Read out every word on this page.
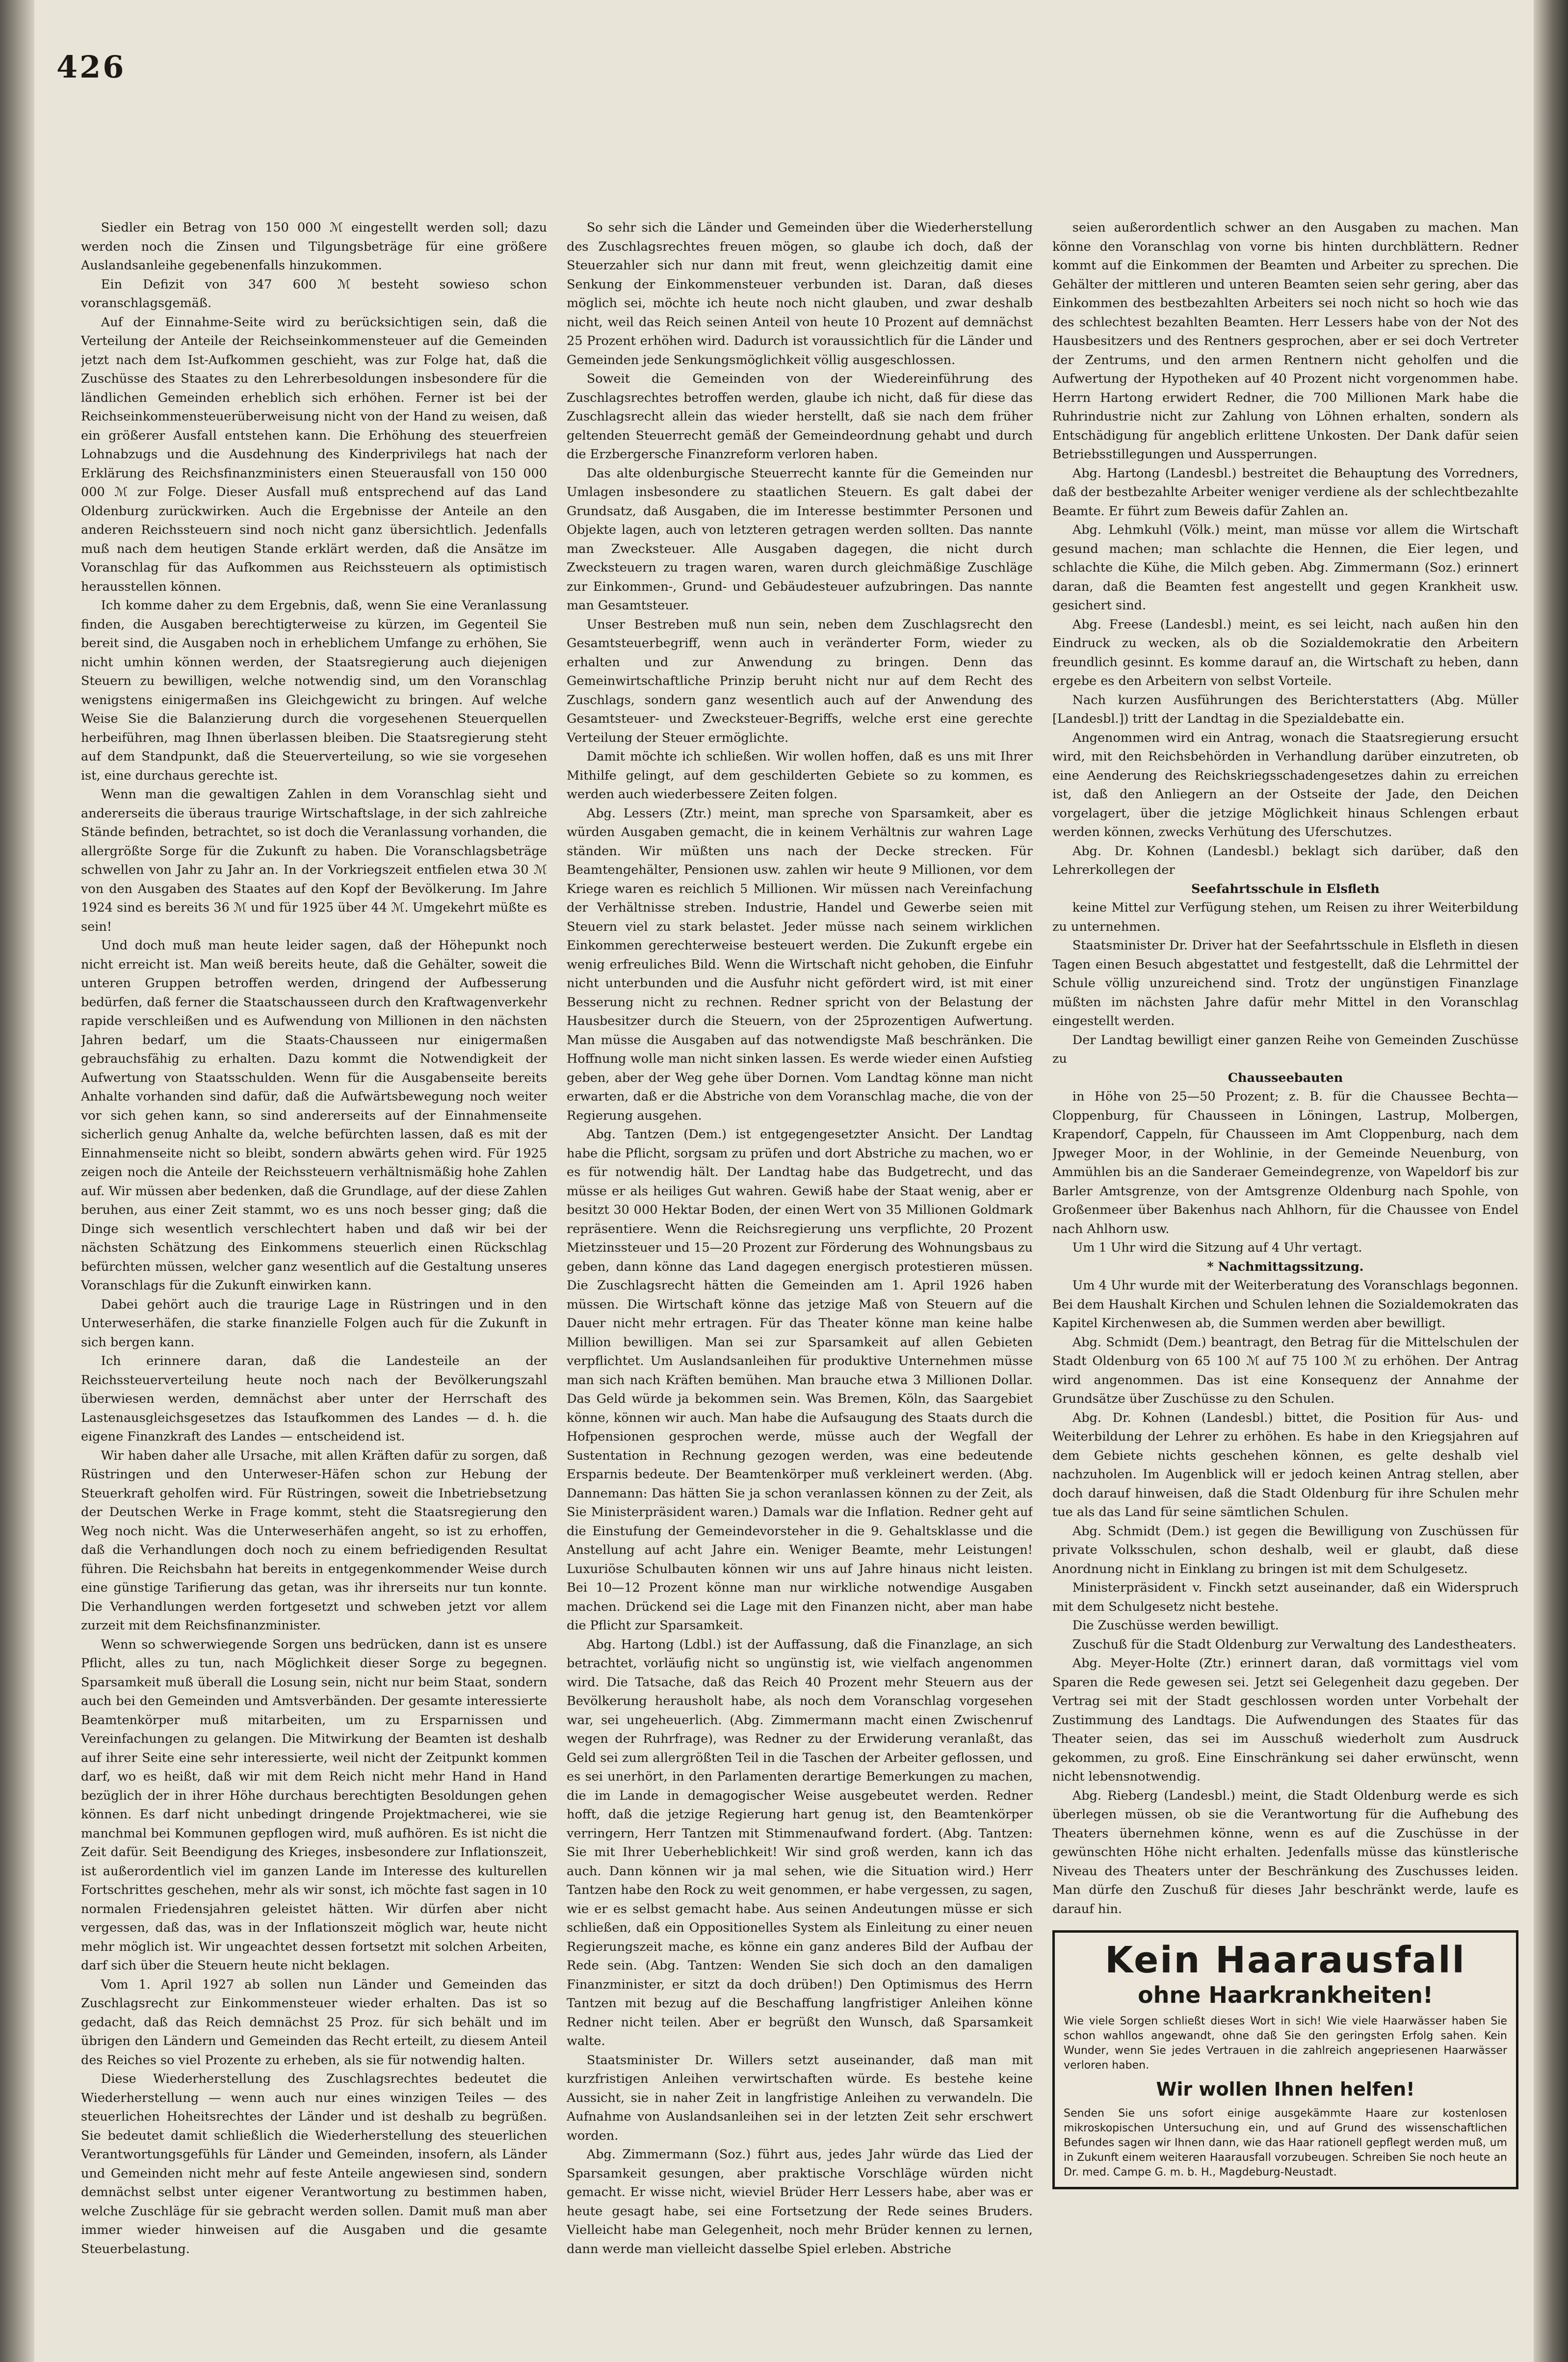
426

Siedler ein Betrag von 150 000 ℳ eingestellt werden soll; dazu werden noch die Zinsen und Tilgungsbeträge für eine größere Auslandsanleihe gegebenenfalls hinzukommen.

Ein Defizit von 347 600 ℳ besteht sowieso schon voranschlagsgemäß.

Auf der Einnahme-Seite wird zu berücksichtigen sein, daß die Verteilung der Anteile der Reichseinkommensteuer auf die Gemeinden jetzt nach dem Ist-Aufkommen geschieht, was zur Folge hat, daß die Zuschüsse des Staates zu den Lehrerbesoldungen insbesondere für die ländlichen Gemeinden erheblich sich erhöhen. Ferner ist bei der Reichseinkommensteuerüberweisung nicht von der Hand zu weisen, daß ein größerer Ausfall entstehen kann. Die Erhöhung des steuerfreien Lohnabzugs und die Ausdehnung des Kinderprivilegs hat nach der Erklärung des Reichsfinanzministers einen Steuerausfall von 150 000 000 ℳ zur Folge. Dieser Ausfall muß entsprechend auf das Land Oldenburg zurückwirken. Auch die Ergebnisse der Anteile an den anderen Reichssteuern sind noch nicht ganz übersichtlich. Jedenfalls muß nach dem heutigen Stande erklärt werden, daß die Ansätze im Voranschlag für das Aufkommen aus Reichssteuern als optimistisch herausstellen können.

Ich komme daher zu dem Ergebnis, daß, wenn Sie eine Veranlassung finden, die Ausgaben berechtigterweise zu kürzen, im Gegenteil Sie bereit sind, die Ausgaben noch in erheblichem Umfange zu erhöhen, Sie nicht umhin können werden, der Staatsregierung auch diejenigen Steuern zu bewilligen, welche notwendig sind, um den Voranschlag wenigstens einigermaßen ins Gleichgewicht zu bringen. Auf welche Weise Sie die Balanzierung durch die vorgesehenen Steuerquellen herbeiführen, mag Ihnen überlassen bleiben. Die Staatsregierung steht auf dem Standpunkt, daß die Steuerverteilung, so wie sie vorgesehen ist, eine durchaus gerechte ist.

Wenn man die gewaltigen Zahlen in dem Voranschlag sieht und andererseits die überaus traurige Wirtschaftslage, in der sich zahlreiche Stände befinden, betrachtet, so ist doch die Veranlassung vorhanden, die allergrößte Sorge für die Zukunft zu haben. Die Voranschlagsbeträge schwellen von Jahr zu Jahr an. In der Vorkriegszeit entfielen etwa 30 ℳ von den Ausgaben des Staates auf den Kopf der Bevölkerung. Im Jahre 1924 sind es bereits 36 ℳ und für 1925 über 44 ℳ. Umgekehrt müßte es sein!

Und doch muß man heute leider sagen, daß der Höhepunkt noch nicht erreicht ist. Man weiß bereits heute, daß die Gehälter, soweit die unteren Gruppen betroffen werden, dringend der Aufbesserung bedürfen, daß ferner die Staatschausseen durch den Kraftwagenverkehr rapide verschleißen und es Aufwendung von Millionen in den nächsten Jahren bedarf, um die Staats-Chausseen nur einigermaßen gebrauchsfähig zu erhalten. Dazu kommt die Notwendigkeit der Aufwertung von Staatsschulden. Wenn für die Ausgabenseite bereits Anhalte vorhanden sind dafür, daß die Aufwärtsbewegung noch weiter vor sich gehen kann, so sind andererseits auf der Einnahmenseite sicherlich genug Anhalte da, welche befürchten lassen, daß es mit der Einnahmenseite nicht so bleibt, sondern abwärts gehen wird. Für 1925 zeigen noch die Anteile der Reichssteuern verhältnismäßig hohe Zahlen auf. Wir müssen aber bedenken, daß die Grundlage, auf der diese Zahlen beruhen, aus einer Zeit stammt, wo es uns noch besser ging; daß die Dinge sich wesentlich verschlechtert haben und daß wir bei der nächsten Schätzung des Einkommens steuerlich einen Rückschlag befürchten müssen, welcher ganz wesentlich auf die Gestaltung unseres Voranschlags für die Zukunft einwirken kann.

Dabei gehört auch die traurige Lage in Rüstringen und in den Unterweserhäfen, die starke finanzielle Folgen auch für die Zukunft in sich bergen kann.

Ich erinnere daran, daß die Landesteile an der Reichssteuerverteilung heute noch nach der Bevölkerungszahl überwiesen werden, demnächst aber unter der Herrschaft des Lastenausgleichsgesetzes das Istaufkommen des Landes — d. h. die eigene Finanzkraft des Landes — entscheidend ist.

Wir haben daher alle Ursache, mit allen Kräften dafür zu sorgen, daß Rüstringen und den Unterweser-Häfen schon zur Hebung der Steuerkraft geholfen wird. Für Rüstringen, soweit die Inbetriebsetzung der Deutschen Werke in Frage kommt, steht die Staatsregierung den Weg noch nicht. Was die Unterweserhäfen angeht, so ist zu erhoffen, daß die Verhandlungen doch noch zu einem befriedigenden Resultat führen. Die Reichsbahn hat bereits in entgegenkommender Weise durch eine günstige Tarifierung das getan, was ihr ihrerseits nur tun konnte. Die Verhandlungen werden fortgesetzt und schweben jetzt vor allem zurzeit mit dem Reichsfinanzminister.

Wenn so schwerwiegende Sorgen uns bedrücken, dann ist es unsere Pflicht, alles zu tun, nach Möglichkeit dieser Sorge zu begegnen. Sparsamkeit muß überall die Losung sein, nicht nur beim Staat, sondern auch bei den Gemeinden und Amtsverbänden. Der gesamte interessierte Beamtenkörper muß mitarbeiten, um zu Ersparnissen und Vereinfachungen zu gelangen. Die Mitwirkung der Beamten ist deshalb auf ihrer Seite eine sehr interessierte, weil nicht der Zeitpunkt kommen darf, wo es heißt, daß wir mit dem Reich nicht mehr Hand in Hand bezüglich der in ihrer Höhe durchaus berechtigten Besoldungen gehen können. Es darf nicht unbedingt dringende Projektmacherei, wie sie manchmal bei Kommunen gepflogen wird, muß aufhören. Es ist nicht die Zeit dafür. Seit Beendigung des Krieges, insbesondere zur Inflationszeit, ist außerordentlich viel im ganzen Lande im Interesse des kulturellen Fortschrittes geschehen, mehr als wir sonst, ich möchte fast sagen in 10 normalen Friedensjahren geleistet hätten. Wir dürfen aber nicht vergessen, daß das, was in der Inflationszeit möglich war, heute nicht mehr möglich ist. Wir ungeachtet dessen fortsetzt mit solchen Arbeiten, darf sich über die Steuern heute nicht beklagen.

Vom 1. April 1927 ab sollen nun Länder und Gemeinden das Zuschlagsrecht zur Einkommensteuer wieder erhalten. Das ist so gedacht, daß das Reich demnächst 25 Proz. für sich behält und im übrigen den Ländern und Gemeinden das Recht erteilt, zu diesem Anteil des Reiches so viel Prozente zu erheben, als sie für notwendig halten.

Diese Wiederherstellung des Zuschlagsrechtes bedeutet die Wiederherstellung — wenn auch nur eines winzigen Teiles — des steuerlichen Hoheitsrechtes der Länder und ist deshalb zu begrüßen. Sie bedeutet damit schließlich die Wiederherstellung des steuerlichen Verantwortungsgefühls für Länder und Gemeinden, insofern, als Länder und Gemeinden nicht mehr auf feste Anteile angewiesen sind, sondern demnächst selbst unter eigener Verantwortung zu bestimmen haben, welche Zuschläge für sie gebracht werden sollen. Damit muß man aber immer wieder hinweisen auf die Ausgaben und die gesamte Steuerbelastung.

So sehr sich die Länder und Gemeinden über die Wiederherstellung des Zuschlagsrechtes freuen mögen, so glaube ich doch, daß der Steuerzahler sich nur dann mit freut, wenn gleichzeitig damit eine Senkung der Einkommensteuer verbunden ist. Daran, daß dieses möglich sei, möchte ich heute noch nicht glauben, und zwar deshalb nicht, weil das Reich seinen Anteil von heute 10 Prozent auf demnächst 25 Prozent erhöhen wird. Dadurch ist voraussichtlich für die Länder und Gemeinden jede Senkungsmöglichkeit völlig ausgeschlossen.

Soweit die Gemeinden von der Wiedereinführung des Zuschlagsrechtes betroffen werden, glaube ich nicht, daß für diese das Zuschlagsrecht allein das wieder herstellt, daß sie nach dem früher geltenden Steuerrecht gemäß der Gemeindeordnung gehabt und durch die Erzbergersche Finanzreform verloren haben.

Das alte oldenburgische Steuerrecht kannte für die Gemeinden nur Umlagen insbesondere zu staatlichen Steuern. Es galt dabei der Grundsatz, daß Ausgaben, die im Interesse bestimmter Personen und Objekte lagen, auch von letzteren getragen werden sollten. Das nannte man Zwecksteuer. Alle Ausgaben dagegen, die nicht durch Zwecksteuern zu tragen waren, waren durch gleichmäßige Zuschläge zur Einkommen-, Grund- und Gebäudesteuer aufzubringen. Das nannte man Gesamtsteuer.

Unser Bestreben muß nun sein, neben dem Zuschlagsrecht den Gesamtsteuerbegriff, wenn auch in veränderter Form, wieder zu erhalten und zur Anwendung zu bringen. Denn das Gemeinwirtschaftliche Prinzip beruht nicht nur auf dem Recht des Zuschlags, sondern ganz wesentlich auch auf der Anwendung des Gesamtsteuer- und Zwecksteuer-Begriffs, welche erst eine gerechte Verteilung der Steuer ermöglichte.

Damit möchte ich schließen. Wir wollen hoffen, daß es uns mit Ihrer Mithilfe gelingt, auf dem geschilderten Gebiete so zu kommen, es werden auch wiederbessere Zeiten folgen.

Abg. Lessers (Ztr.) meint, man spreche von Sparsamkeit, aber es würden Ausgaben gemacht, die in keinem Verhältnis zur wahren Lage ständen. Wir müßten uns nach der Decke strecken. Für Beamtengehälter, Pensionen usw. zahlen wir heute 9 Millionen, vor dem Kriege waren es reichlich 5 Millionen. Wir müssen nach Vereinfachung der Verhältnisse streben. Industrie, Handel und Gewerbe seien mit Steuern viel zu stark belastet. Jeder müsse nach seinem wirklichen Einkommen gerechterweise besteuert werden. Die Zukunft ergebe ein wenig erfreuliches Bild. Wenn die Wirtschaft nicht gehoben, die Einfuhr nicht unterbunden und die Ausfuhr nicht gefördert wird, ist mit einer Besserung nicht zu rechnen. Redner spricht von der Belastung der Hausbesitzer durch die Steuern, von der 25prozentigen Aufwertung. Man müsse die Ausgaben auf das notwendigste Maß beschränken. Die Hoffnung wolle man nicht sinken lassen. Es werde wieder einen Aufstieg geben, aber der Weg gehe über Dornen. Vom Landtag könne man nicht erwarten, daß er die Abstriche von dem Voranschlag mache, die von der Regierung ausgehen.

Abg. Tantzen (Dem.) ist entgegengesetzter Ansicht. Der Landtag habe die Pflicht, sorgsam zu prüfen und dort Abstriche zu machen, wo er es für notwendig hält. Der Landtag habe das Budgetrecht, und das müsse er als heiliges Gut wahren. Gewiß habe der Staat wenig, aber er besitzt 30 000 Hektar Boden, der einen Wert von 35 Millionen Goldmark repräsentiere. Wenn die Reichsregierung uns verpflichte, 20 Prozent Mietzinssteuer und 15—20 Prozent zur Förderung des Wohnungsbaus zu geben, dann könne das Land dagegen energisch protestieren müssen. Die Zuschlagsrecht hätten die Gemeinden am 1. April 1926 haben müssen. Die Wirtschaft könne das jetzige Maß von Steuern auf die Dauer nicht mehr ertragen. Für das Theater könne man keine halbe Million bewilligen. Man sei zur Sparsamkeit auf allen Gebieten verpflichtet. Um Auslandsanleihen für produktive Unternehmen müsse man sich nach Kräften bemühen. Man brauche etwa 3 Millionen Dollar. Das Geld würde ja bekommen sein. Was Bremen, Köln, das Saargebiet könne, können wir auch. Man habe die Aufsaugung des Staats durch die Hofpensionen gesprochen werde, müsse auch der Wegfall der Sustentation in Rechnung gezogen werden, was eine bedeutende Ersparnis bedeute. Der Beamtenkörper muß verkleinert werden. (Abg. Dannemann: Das hätten Sie ja schon veranlassen können zu der Zeit, als Sie Ministerpräsident waren.) Damals war die Inflation. Redner geht auf die Einstufung der Gemeindevorsteher in die 9. Gehaltsklasse und die Anstellung auf acht Jahre ein. Weniger Beamte, mehr Leistungen! Luxuriöse Schulbauten können wir uns auf Jahre hinaus nicht leisten. Bei 10—12 Prozent könne man nur wirkliche notwendige Ausgaben machen. Drückend sei die Lage mit den Finanzen nicht, aber man habe die Pflicht zur Sparsamkeit.

Abg. Hartong (Ldbl.) ist der Auffassung, daß die Finanzlage, an sich betrachtet, vorläufig nicht so ungünstig ist, wie vielfach angenommen wird. Die Tatsache, daß das Reich 40 Prozent mehr Steuern aus der Bevölkerung herausholt habe, als noch dem Voranschlag vorgesehen war, sei ungeheuerlich. (Abg. Zimmermann macht einen Zwischenruf wegen der Ruhrfrage), was Redner zu der Erwiderung veranlaßt, das Geld sei zum allergrößten Teil in die Taschen der Arbeiter geflossen, und es sei unerhört, in den Parlamenten derartige Bemerkungen zu machen, die im Lande in demagogischer Weise ausgebeutet werden. Redner hofft, daß die jetzige Regierung hart genug ist, den Beamtenkörper verringern, Herr Tantzen mit Stimmenaufwand fordert. (Abg. Tantzen: Sie mit Ihrer Ueberheblichkeit! Wir sind groß werden, kann ich das auch. Dann können wir ja mal sehen, wie die Situation wird.) Herr Tantzen habe den Rock zu weit genommen, er habe vergessen, zu sagen, wie er es selbst gemacht habe. Aus seinen Andeutungen müsse er sich schließen, daß ein Oppositionelles System als Einleitung zu einer neuen Regierungszeit mache, es könne ein ganz anderes Bild der Aufbau der Rede sein. (Abg. Tantzen: Wenden Sie sich doch an den damaligen Finanzminister, er sitzt da doch drüben!) Den Optimismus des Herrn Tantzen mit bezug auf die Beschaffung langfristiger Anleihen könne Redner nicht teilen. Aber er begrüßt den Wunsch, daß Sparsamkeit walte.

Staatsminister Dr. Willers setzt auseinander, daß man mit kurzfristigen Anleihen verwirtschaften würde. Es bestehe keine Aussicht, sie in naher Zeit in langfristige Anleihen zu verwandeln. Die Aufnahme von Auslandsanleihen sei in der letzten Zeit sehr erschwert worden.

Abg. Zimmermann (Soz.) führt aus, jedes Jahr würde das Lied der Sparsamkeit gesungen, aber praktische Vorschläge würden nicht gemacht. Er wisse nicht, wieviel Brüder Herr Lessers habe, aber was er heute gesagt habe, sei eine Fortsetzung der Rede seines Bruders. Vielleicht habe man Gelegenheit, noch mehr Brüder kennen zu lernen, dann werde man vielleicht dasselbe Spiel erleben. Abstriche

seien außerordentlich schwer an den Ausgaben zu machen. Man könne den Voranschlag von vorne bis hinten durchblättern. Redner kommt auf die Einkommen der Beamten und Arbeiter zu sprechen. Die Gehälter der mittleren und unteren Beamten seien sehr gering, aber das Einkommen des bestbezahlten Arbeiters sei noch nicht so hoch wie das des schlechtest bezahlten Beamten. Herr Lessers habe von der Not des Hausbesitzers und des Rentners gesprochen, aber er sei doch Vertreter der Zentrums, und den armen Rentnern nicht geholfen und die Aufwertung der Hypotheken auf 40 Prozent nicht vorgenommen habe. Herrn Hartong erwidert Redner, die 700 Millionen Mark habe die Ruhrindustrie nicht zur Zahlung von Löhnen erhalten, sondern als Entschädigung für angeblich erlittene Unkosten. Der Dank dafür seien Betriebsstillegungen und Aussperrungen.

Abg. Hartong (Landesbl.) bestreitet die Behauptung des Vorredners, daß der bestbezahlte Arbeiter weniger verdiene als der schlechtbezahlte Beamte. Er führt zum Beweis dafür Zahlen an.

Abg. Lehmkuhl (Völk.) meint, man müsse vor allem die Wirtschaft gesund machen; man schlachte die Hennen, die Eier legen, und schlachte die Kühe, die Milch geben. Abg. Zimmermann (Soz.) erinnert daran, daß die Beamten fest angestellt und gegen Krankheit usw. gesichert sind.

Abg. Freese (Landesbl.) meint, es sei leicht, nach außen hin den Eindruck zu wecken, als ob die Sozialdemokratie den Arbeitern freundlich gesinnt. Es komme darauf an, die Wirtschaft zu heben, dann ergebe es den Arbeitern von selbst Vorteile.

Nach kurzen Ausführungen des Berichterstatters (Abg. Müller [Landesbl.]) tritt der Landtag in die Spezialdebatte ein.

Angenommen wird ein Antrag, wonach die Staatsregierung ersucht wird, mit den Reichsbehörden in Verhandlung darüber einzutreten, ob eine Aenderung des Reichskriegsschadengesetzes dahin zu erreichen ist, daß den Anliegern an der Ostseite der Jade, den Deichen vorgelagert, über die jetzige Möglichkeit hinaus Schlengen erbaut werden können, zwecks Verhütung des Uferschutzes.

Abg. Dr. Kohnen (Landesbl.) beklagt sich darüber, daß den Lehrerkollegen der

Seefahrtsschule in Elsfleth

keine Mittel zur Verfügung stehen, um Reisen zu ihrer Weiterbildung zu unternehmen.

Staatsminister Dr. Driver hat der Seefahrtsschule in Elsfleth in diesen Tagen einen Besuch abgestattet und festgestellt, daß die Lehrmittel der Schule völlig unzureichend sind. Trotz der ungünstigen Finanzlage müßten im nächsten Jahre dafür mehr Mittel in den Voranschlag eingestellt werden.

Der Landtag bewilligt einer ganzen Reihe von Gemeinden Zuschüsse zu

Chausseebauten

in Höhe von 25—50 Prozent; z. B. für die Chaussee Bechta—Cloppenburg, für Chausseen in Löningen, Lastrup, Molbergen, Krapendorf, Cappeln, für Chausseen im Amt Cloppenburg, nach dem Jpweger Moor, in der Wohlinie, in der Gemeinde Neuenburg, von Ammühlen bis an die Sanderaer Gemeindegrenze, von Wapeldorf bis zur Barler Amtsgrenze, von der Amtsgrenze Oldenburg nach Spohle, von Großenmeer über Bakenhus nach Ahlhorn, für die Chaussee von Endel nach Ahlhorn usw.

Um 1 Uhr wird die Sitzung auf 4 Uhr vertagt.

* Nachmittagssitzung.

Um 4 Uhr wurde mit der Weiterberatung des Voranschlags begonnen. Bei dem Haushalt Kirchen und Schulen lehnen die Sozialdemokraten das Kapitel Kirchenwesen ab, die Summen werden aber bewilligt.

Abg. Schmidt (Dem.) beantragt, den Betrag für die Mittelschulen der Stadt Oldenburg von 65 100 ℳ auf 75 100 ℳ zu erhöhen. Der Antrag wird angenommen. Das ist eine Konsequenz der Annahme der Grundsätze über Zuschüsse zu den Schulen.

Abg. Dr. Kohnen (Landesbl.) bittet, die Position für Aus- und Weiterbildung der Lehrer zu erhöhen. Es habe in den Kriegsjahren auf dem Gebiete nichts geschehen können, es gelte deshalb viel nachzuholen. Im Augenblick will er jedoch keinen Antrag stellen, aber doch darauf hinweisen, daß die Stadt Oldenburg für ihre Schulen mehr tue als das Land für seine sämtlichen Schulen.

Abg. Schmidt (Dem.) ist gegen die Bewilligung von Zuschüssen für private Volksschulen, schon deshalb, weil er glaubt, daß diese Anordnung nicht in Einklang zu bringen ist mit dem Schulgesetz.

Ministerpräsident v. Finckh setzt auseinander, daß ein Widerspruch mit dem Schulgesetz nicht bestehe.

Die Zuschüsse werden bewilligt.

Zuschuß für die Stadt Oldenburg zur Verwaltung des Landestheaters.

Abg. Meyer-Holte (Ztr.) erinnert daran, daß vormittags viel vom Sparen die Rede gewesen sei. Jetzt sei Gelegenheit dazu gegeben. Der Vertrag sei mit der Stadt geschlossen worden unter Vorbehalt der Zustimmung des Landtags. Die Aufwendungen des Staates für das Theater seien, das sei im Ausschuß wiederholt zum Ausdruck gekommen, zu groß. Eine Einschränkung sei daher erwünscht, wenn nicht lebensnotwendig.

Abg. Rieberg (Landesbl.) meint, die Stadt Oldenburg werde es sich überlegen müssen, ob sie die Verantwortung für die Aufhebung des Theaters übernehmen könne, wenn es auf die Zuschüsse in der gewünschten Höhe nicht erhalten. Jedenfalls müsse das künstlerische Niveau des Theaters unter der Beschränkung des Zuschusses leiden. Man dürfe den Zuschuß für dieses Jahr beschränkt werde, laufe es darauf hin.

Kein Haarausfall
ohne Haarkrankheiten!
Wie viele Sorgen schließt dieses Wort in sich! Wie viele Haarwässer haben Sie schon wahllos angewandt, ohne daß Sie den geringsten Erfolg sahen. Kein Wunder, wenn Sie jedes Vertrauen in die zahlreich angepriesenen Haarwässer verloren haben.
Wir wollen Ihnen helfen!
Senden Sie uns sofort einige ausgekämmte Haare zur kostenlosen mikroskopischen Untersuchung ein, und auf Grund des wissenschaftlichen Befundes sagen wir Ihnen dann, wie das Haar rationell gepflegt werden muß, um in Zukunft einem weiteren Haarausfall vorzubeugen. Schreiben Sie noch heute an Dr. med. Campe G. m. b. H., Magdeburg-Neustadt.
